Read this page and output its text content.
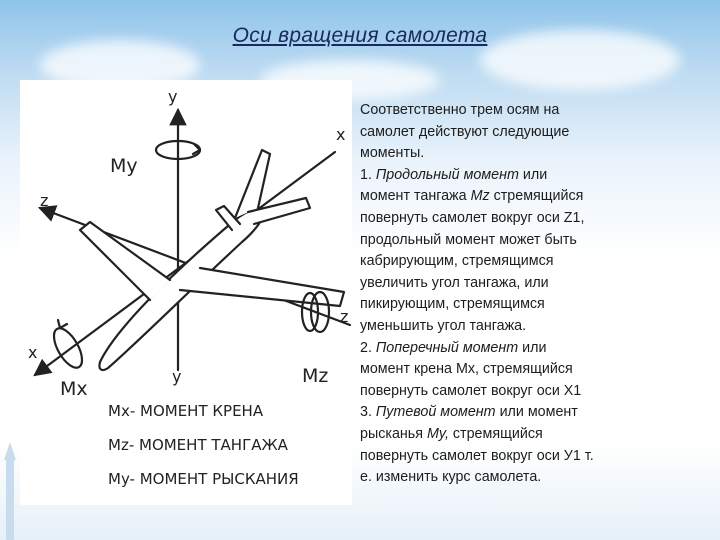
Оси вращения самолета
y
y
x
x
z
z
My
Mx
Mz
Mx- МОМЕНТ КРЕНА
Mz- МОМЕНТ ТАНГАЖА
My- МОМЕНТ РЫСКАНИЯ
Соответственно трем осям на
самолет действуют следующие
моменты.
1. Продольный момент или
момент тангажа Mz стремящийся
повернуть самолет вокруг оси Z1,
продольный момент может быть
кабрирующим, стремящимся
увеличить угол тангажа, или
пикирующим, стремящимся
уменьшить угол тангажа.
2. Поперечный момент или
момент крена Mx, стремящийся
повернуть самолет вокруг оси Х1
3. Путевой момент или момент
рысканья My, стремящийся
повернуть самолет вокруг оси У1 т.
е. изменить курс самолета.
